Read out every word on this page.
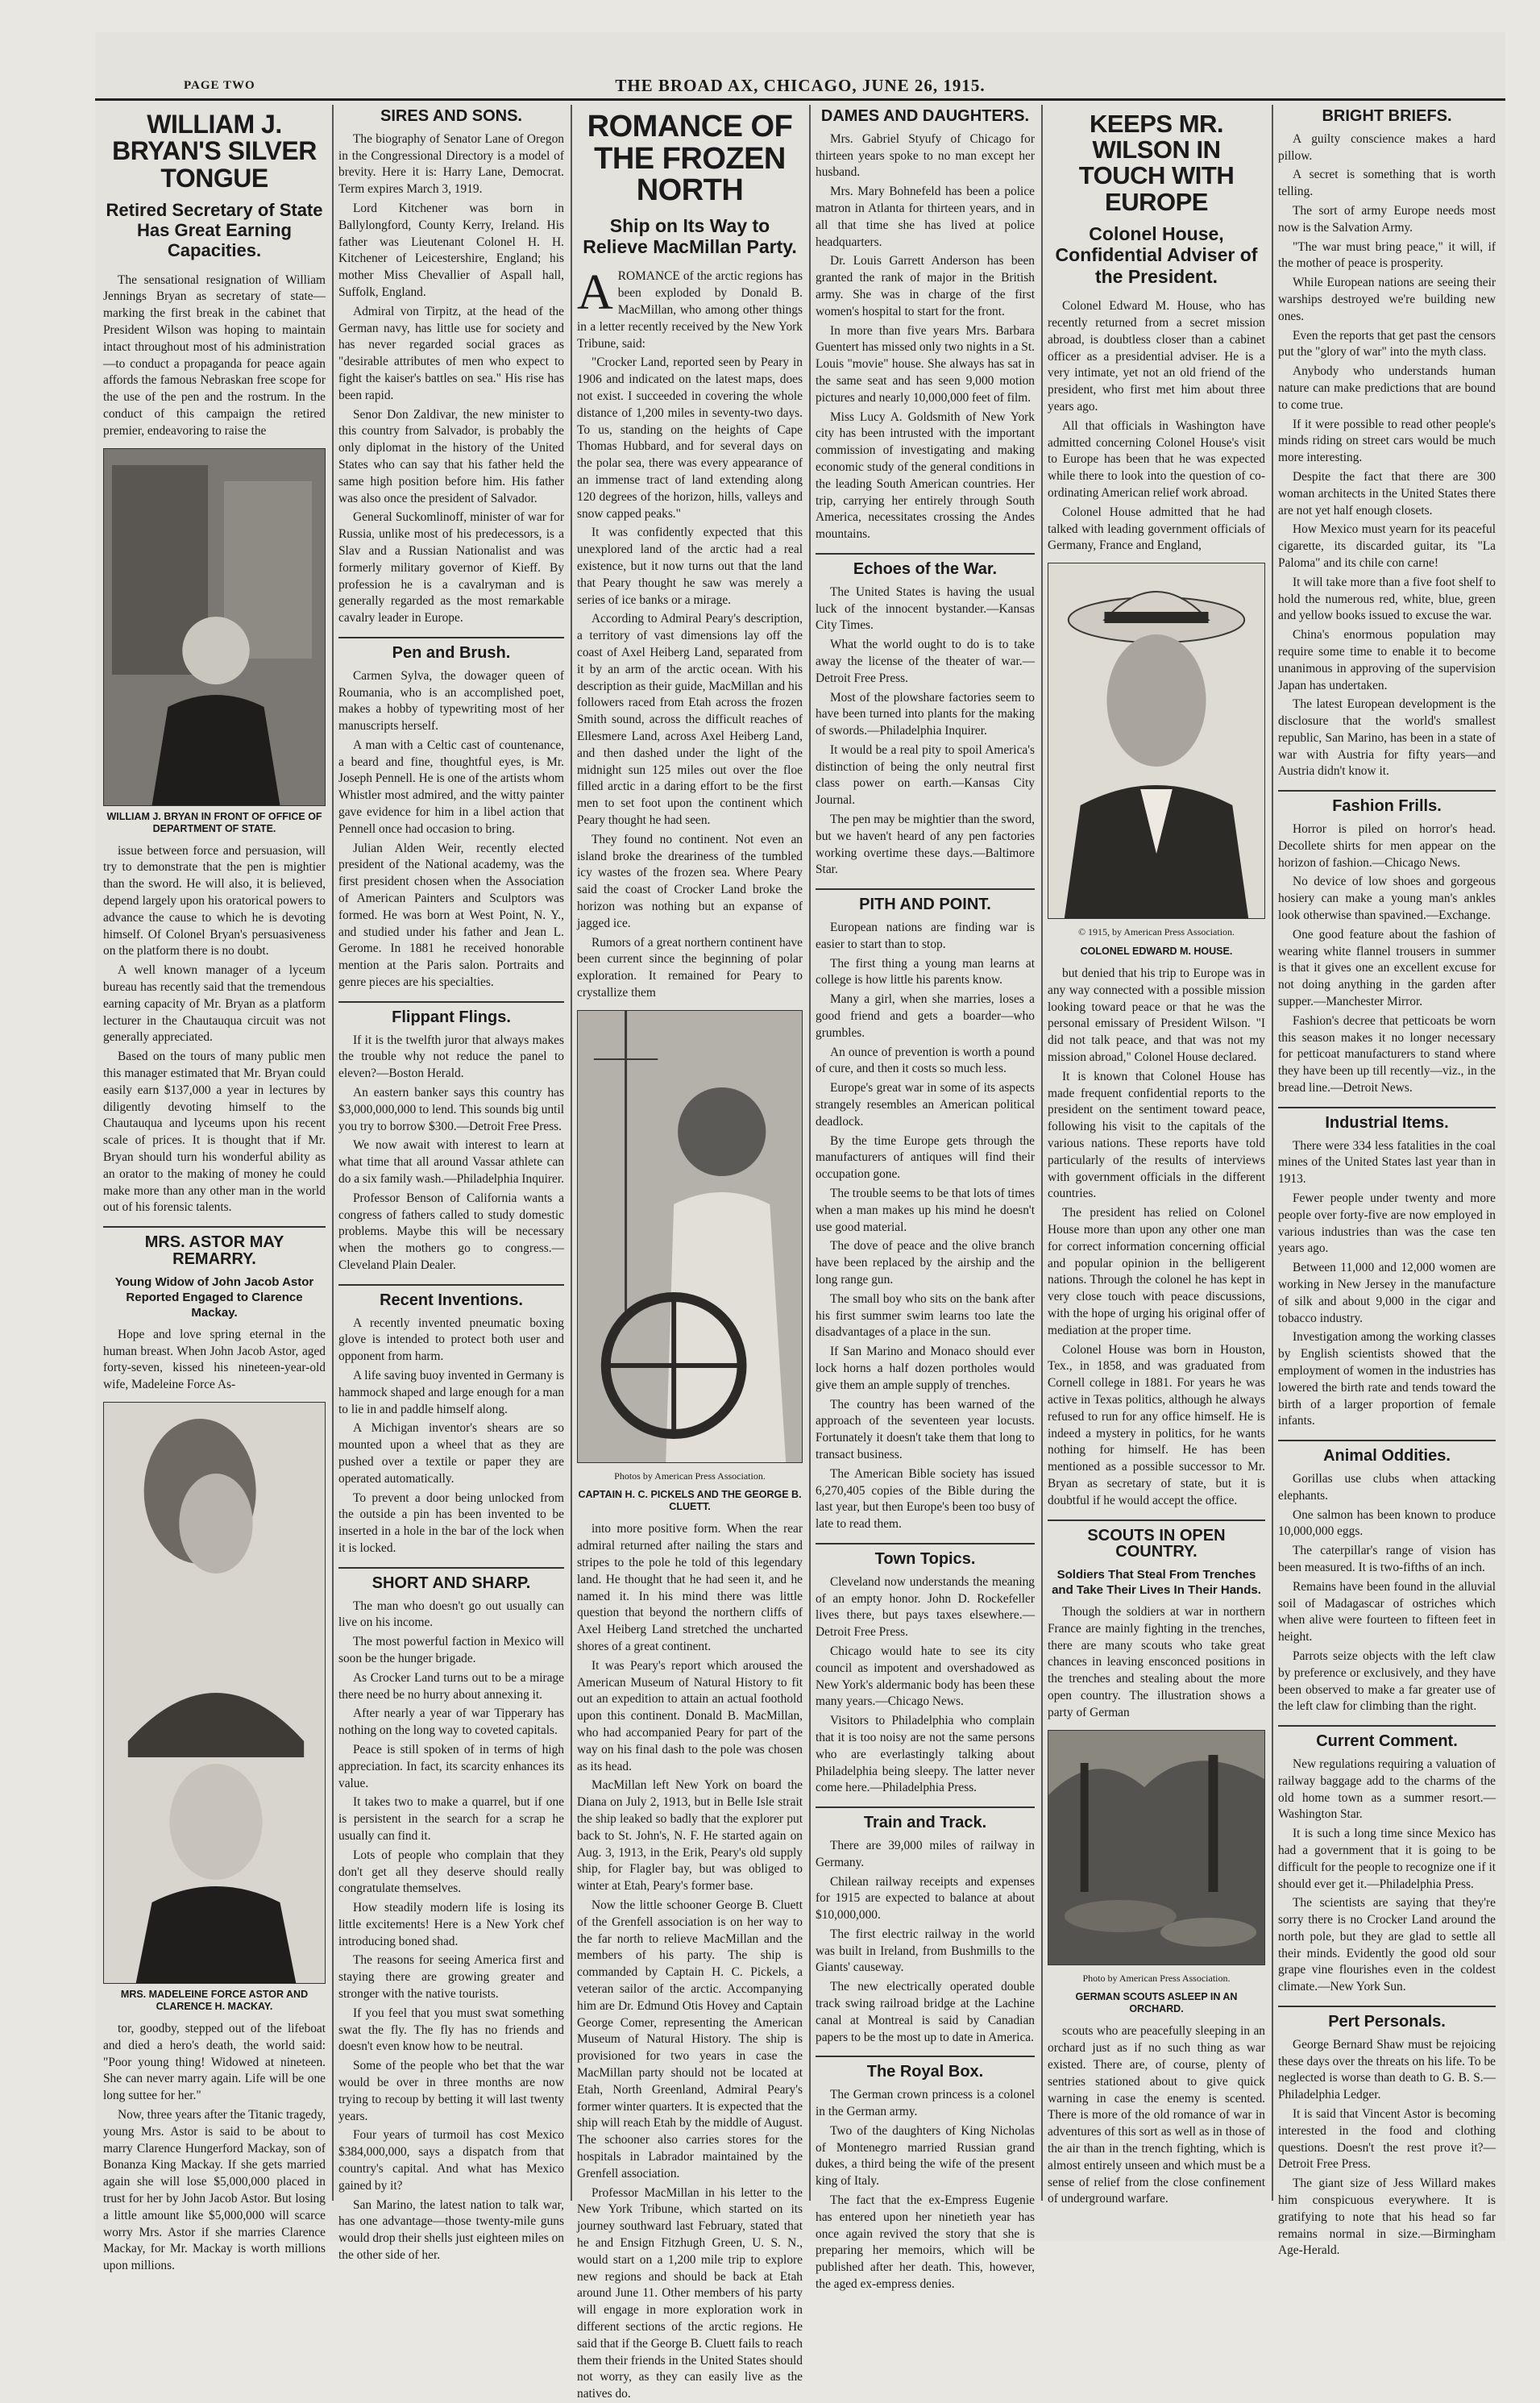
PAGE TWO	THE BROAD AX, CHICAGO, JUNE 26, 1915.
WILLIAM J. BRYAN'S SILVER TONGUE
Retired Secretary of State Has Great Earning Capacities.

The sensational resignation of William Jennings Bryan as secretary of state—marking the first break in the cabinet that President Wilson was hoping to maintain intact throughout most of his administration—to conduct a propaganda for peace again affords the famous Nebraskan free scope for the use of the pen and the rostrum. In the conduct of this campaign the retired premier, endeavoring to raise the

WILLIAM J. BRYAN IN FRONT OF OFFICE OF DEPARTMENT OF STATE.

issue between force and persuasion, will try to demonstrate that the pen is mightier than the sword. He will also, it is believed, depend largely upon his oratorical powers to advance the cause to which he is devoting himself. Of Colonel Bryan's persuasiveness on the platform there is no doubt.

A well known manager of a lyceum bureau has recently said that the tremendous earning capacity of Mr. Bryan as a platform lecturer in the Chautauqua circuit was not generally appreciated.

Based on the tours of many public men this manager estimated that Mr. Bryan could easily earn $137,000 a year in lectures by diligently devoting himself to the Chautauqua and lyceums upon his recent scale of prices. It is thought that if Mr. Bryan should turn his wonderful ability as an orator to the making of money he could make more than any other man in the world out of his forensic talents.

MRS. ASTOR MAY REMARRY.
Young Widow of John Jacob Astor Reported Engaged to Clarence Mackay.

Hope and love spring eternal in the human breast. When John Jacob Astor, aged forty-seven, kissed his nineteen-year-old wife, Madeleine Force As-

MRS. MADELEINE FORCE ASTOR AND CLARENCE H. MACKAY.

tor, goodby, stepped out of the lifeboat and died a hero's death, the world said: "Poor young thing! Widowed at nineteen. She can never marry again. Life will be one long suttee for her."

Now, three years after the Titanic tragedy, young Mrs. Astor is said to be about to marry Clarence Hungerford Mackay, son of Bonanza King Mackay. If she gets married again she will lose $5,000,000 placed in trust for her by John Jacob Astor. But losing a little amount like $5,000,000 will scarce worry Mrs. Astor if she marries Clarence Mackay, for Mr. Mackay is worth millions upon millions.

SIRES AND SONS.

The biography of Senator Lane of Oregon in the Congressional Directory is a model of brevity. Here it is: Harry Lane, Democrat. Term expires March 3, 1919.

Lord Kitchener was born in Ballylongford, County Kerry, Ireland. His father was Lieutenant Colonel H. H. Kitchener of Leicestershire, England; his mother Miss Chevallier of Aspall hall, Suffolk, England.

Admiral von Tirpitz, at the head of the German navy, has little use for society and has never regarded social graces as "desirable attributes of men who expect to fight the kaiser's battles on sea." His rise has been rapid.

Senor Don Zaldivar, the new minister to this country from Salvador, is probably the only diplomat in the history of the United States who can say that his father held the same high position before him. His father was also once the president of Salvador.

General Suckomlinoff, minister of war for Russia, unlike most of his predecessors, is a Slav and a Russian Nationalist and was formerly military governor of Kieff. By profession he is a cavalryman and is generally regarded as the most remarkable cavalry leader in Europe.

Pen and Brush.

Carmen Sylva, the dowager queen of Roumania, who is an accomplished poet, makes a hobby of typewriting most of her manuscripts herself.

A man with a Celtic cast of countenance, a beard and fine, thoughtful eyes, is Mr. Joseph Pennell. He is one of the artists whom Whistler most admired, and the witty painter gave evidence for him in a libel action that Pennell once had occasion to bring.

Julian Alden Weir, recently elected president of the National academy, was the first president chosen when the Association of American Painters and Sculptors was formed. He was born at West Point, N. Y., and studied under his father and Jean L. Gerome. In 1881 he received honorable mention at the Paris salon. Portraits and genre pieces are his specialties.

Flippant Flings.

If it is the twelfth juror that always makes the trouble why not reduce the panel to eleven?—Boston Herald.

An eastern banker says this country has $3,000,000,000 to lend. This sounds big until you try to borrow $300.—Detroit Free Press.

We now await with interest to learn at what time that all around Vassar athlete can do a six family wash.—Philadelphia Inquirer.

Professor Benson of California wants a congress of fathers called to study domestic problems. Maybe this will be necessary when the mothers go to congress.—Cleveland Plain Dealer.

Recent Inventions.

A recently invented pneumatic boxing glove is intended to protect both user and opponent from harm.

A life saving buoy invented in Germany is hammock shaped and large enough for a man to lie in and paddle himself along.

A Michigan inventor's shears are so mounted upon a wheel that as they are pushed over a textile or paper they are operated automatically.

To prevent a door being unlocked from the outside a pin has been invented to be inserted in a hole in the bar of the lock when it is locked.

SHORT AND SHARP.

The man who doesn't go out usually can live on his income.

The most powerful faction in Mexico will soon be the hunger brigade.

As Crocker Land turns out to be a mirage there need be no hurry about annexing it.

After nearly a year of war Tipperary has nothing on the long way to coveted capitals.

Peace is still spoken of in terms of high appreciation. In fact, its scarcity enhances its value.

It takes two to make a quarrel, but if one is persistent in the search for a scrap he usually can find it.

Lots of people who complain that they don't get all they deserve should really congratulate themselves.

How steadily modern life is losing its little excitements! Here is a New York chef introducing boned shad.

The reasons for seeing America first and staying there are growing greater and stronger with the native tourists.

If you feel that you must swat something swat the fly. The fly has no friends and doesn't even know how to be neutral.

Some of the people who bet that the war would be over in three months are now trying to recoup by betting it will last twenty years.

Four years of turmoil has cost Mexico $384,000,000, says a dispatch from that country's capital. And what has Mexico gained by it?

San Marino, the latest nation to talk war, has one advantage—those twenty-mile guns would drop their shells just eighteen miles on the other side of her.

ROMANCE OF THE FROZEN NORTH
Ship on Its Way to Relieve MacMillan Party.

AROMANCE of the arctic regions has been exploded by Donald B. MacMillan, who among other things in a letter recently received by the New York Tribune, said:

"Crocker Land, reported seen by Peary in 1906 and indicated on the latest maps, does not exist. I succeeded in covering the whole distance of 1,200 miles in seventy-two days. To us, standing on the heights of Cape Thomas Hubbard, and for several days on the polar sea, there was every appearance of an immense tract of land extending along 120 degrees of the horizon, hills, valleys and snow capped peaks."

It was confidently expected that this unexplored land of the arctic had a real existence, but it now turns out that the land that Peary thought he saw was merely a series of ice banks or a mirage.

According to Admiral Peary's description, a territory of vast dimensions lay off the coast of Axel Heiberg Land, separated from it by an arm of the arctic ocean. With his description as their guide, MacMillan and his followers raced from Etah across the frozen Smith sound, across the difficult reaches of Ellesmere Land, across Axel Heiberg Land, and then dashed under the light of the midnight sun 125 miles out over the floe filled arctic in a daring effort to be the first men to set foot upon the continent which Peary thought he had seen.

They found no continent. Not even an island broke the dreariness of the tumbled icy wastes of the frozen sea. Where Peary said the coast of Crocker Land broke the horizon was nothing but an expanse of jagged ice.

Rumors of a great northern continent have been current since the beginning of polar exploration. It remained for Peary to crystallize them

Photos by American Press Association.
CAPTAIN H. C. PICKELS AND THE GEORGE B. CLUETT.

into more positive form. When the rear admiral returned after nailing the stars and stripes to the pole he told of this legendary land. He thought that he had seen it, and he named it. In his mind there was little question that beyond the northern cliffs of Axel Heiberg Land stretched the uncharted shores of a great continent.

It was Peary's report which aroused the American Museum of Natural History to fit out an expedition to attain an actual foothold upon this continent. Donald B. MacMillan, who had accompanied Peary for part of the way on his final dash to the pole was chosen as its head.

MacMillan left New York on board the Diana on July 2, 1913, but in Belle Isle strait the ship leaked so badly that the explorer put back to St. John's, N. F. He started again on Aug. 3, 1913, in the Erik, Peary's old supply ship, for Flagler bay, but was obliged to winter at Etah, Peary's former base.

Now the little schooner George B. Cluett of the Grenfell association is on her way to the far north to relieve MacMillan and the members of his party. The ship is commanded by Captain H. C. Pickels, a veteran sailor of the arctic. Accompanying him are Dr. Edmund Otis Hovey and Captain George Comer, representing the American Museum of Natural History. The ship is provisioned for two years in case the MacMillan party should not be located at Etah, North Greenland, Admiral Peary's former winter quarters. It is expected that the ship will reach Etah by the middle of August. The schooner also carries stores for the hospitals in Labrador maintained by the Grenfell association.

Professor MacMillan in his letter to the New York Tribune, which started on its journey southward last February, stated that he and Ensign Fitzhugh Green, U. S. N., would start on a 1,200 mile trip to explore new regions and should be back at Etah around June 11. Other members of his party will engage in more exploration work in different sections of the arctic regions. He said that if the George B. Cluett fails to reach them their friends in the United States should not worry, as they can easily live as the natives do.

DAMES AND DAUGHTERS.

Mrs. Gabriel Styufy of Chicago for thirteen years spoke to no man except her husband.

Mrs. Mary Bohnefeld has been a police matron in Atlanta for thirteen years, and in all that time she has lived at police headquarters.

Dr. Louis Garrett Anderson has been granted the rank of major in the British army. She was in charge of the first women's hospital to start for the front.

In more than five years Mrs. Barbara Guentert has missed only two nights in a St. Louis "movie" house. She always has sat in the same seat and has seen 9,000 motion pictures and nearly 10,000,000 feet of film.

Miss Lucy A. Goldsmith of New York city has been intrusted with the important commission of investigating and making economic study of the general conditions in the leading South American countries. Her trip, carrying her entirely through South America, necessitates crossing the Andes mountains.

Echoes of the War.

The United States is having the usual luck of the innocent bystander.—Kansas City Times.

What the world ought to do is to take away the license of the theater of war.—Detroit Free Press.

Most of the plowshare factories seem to have been turned into plants for the making of swords.—Philadelphia Inquirer.

It would be a real pity to spoil America's distinction of being the only neutral first class power on earth.—Kansas City Journal.

The pen may be mightier than the sword, but we haven't heard of any pen factories working overtime these days.—Baltimore Star.

PITH AND POINT.

European nations are finding war is easier to start than to stop.

The first thing a young man learns at college is how little his parents know.

Many a girl, when she marries, loses a good friend and gets a boarder—who grumbles.

An ounce of prevention is worth a pound of cure, and then it costs so much less.

Europe's great war in some of its aspects strangely resembles an American political deadlock.

By the time Europe gets through the manufacturers of antiques will find their occupation gone.

The trouble seems to be that lots of times when a man makes up his mind he doesn't use good material.

The dove of peace and the olive branch have been replaced by the airship and the long range gun.

The small boy who sits on the bank after his first summer swim learns too late the disadvantages of a place in the sun.

If San Marino and Monaco should ever lock horns a half dozen portholes would give them an ample supply of trenches.

The country has been warned of the approach of the seventeen year locusts. Fortunately it doesn't take them that long to transact business.

The American Bible society has issued 6,270,405 copies of the Bible during the last year, but then Europe's been too busy of late to read them.

Town Topics.

Cleveland now understands the meaning of an empty honor. John D. Rockefeller lives there, but pays taxes elsewhere.—Detroit Free Press.

Chicago would hate to see its city council as impotent and overshadowed as New York's aldermanic body has been these many years.—Chicago News.

Visitors to Philadelphia who complain that it is too noisy are not the same persons who are everlastingly talking about Philadelphia being sleepy. The latter never come here.—Philadelphia Press.

Train and Track.

There are 39,000 miles of railway in Germany.

Chilean railway receipts and expenses for 1915 are expected to balance at about $10,000,000.

The first electric railway in the world was built in Ireland, from Bushmills to the Giants' causeway.

The new electrically operated double track swing railroad bridge at the Lachine canal at Montreal is said by Canadian papers to be the most up to date in America.

The Royal Box.

The German crown princess is a colonel in the German army.

Two of the daughters of King Nicholas of Montenegro married Russian grand dukes, a third being the wife of the present king of Italy.

The fact that the ex-Empress Eugenie has entered upon her ninetieth year has once again revived the story that she is preparing her memoirs, which will be published after her death. This, however, the aged ex-empress denies.

KEEPS MR. WILSON IN TOUCH WITH EUROPE
Colonel House, Confidential Adviser of the President.

Colonel Edward M. House, who has recently returned from a secret mission abroad, is doubtless closer than a cabinet officer as a presidential adviser. He is a very intimate, yet not an old friend of the president, who first met him about three years ago.

All that officials in Washington have admitted concerning Colonel House's visit to Europe has been that he was expected while there to look into the question of co-ordinating American relief work abroad.

Colonel House admitted that he had talked with leading government officials of Germany, France and England,

© 1915, by American Press Association.
COLONEL EDWARD M. HOUSE.

but denied that his trip to Europe was in any way connected with a possible mission looking toward peace or that he was the personal emissary of President Wilson. "I did not talk peace, and that was not my mission abroad," Colonel House declared.

It is known that Colonel House has made frequent confidential reports to the president on the sentiment toward peace, following his visit to the capitals of the various nations. These reports have told particularly of the results of interviews with government officials in the different countries.

The president has relied on Colonel House more than upon any other one man for correct information concerning official and popular opinion in the belligerent nations. Through the colonel he has kept in very close touch with peace discussions, with the hope of urging his original offer of mediation at the proper time.

Colonel House was born in Houston, Tex., in 1858, and was graduated from Cornell college in 1881. For years he was active in Texas politics, although he always refused to run for any office himself. He is indeed a mystery in politics, for he wants nothing for himself. He has been mentioned as a possible successor to Mr. Bryan as secretary of state, but it is doubtful if he would accept the office.

SCOUTS IN OPEN COUNTRY.
Soldiers That Steal From Trenches and Take Their Lives In Their Hands.

Though the soldiers at war in northern France are mainly fighting in the trenches, there are many scouts who take great chances in leaving ensconced positions in the trenches and stealing about the more open country. The illustration shows a party of German

Photo by American Press Association.
GERMAN SCOUTS ASLEEP IN AN ORCHARD.

scouts who are peacefully sleeping in an orchard just as if no such thing as war existed. There are, of course, plenty of sentries stationed about to give quick warning in case the enemy is scented. There is more of the old romance of war in adventures of this sort as well as in those of the air than in the trench fighting, which is almost entirely unseen and which must be a sense of relief from the close confinement of underground warfare.

BRIGHT BRIEFS.

A guilty conscience makes a hard pillow.

A secret is something that is worth telling.

The sort of army Europe needs most now is the Salvation Army.

"The war must bring peace," it will, if the mother of peace is prosperity.

While European nations are seeing their warships destroyed we're building new ones.

Even the reports that get past the censors put the "glory of war" into the myth class.

Anybody who understands human nature can make predictions that are bound to come true.

If it were possible to read other people's minds riding on street cars would be much more interesting.

Despite the fact that there are 300 woman architects in the United States there are not yet half enough closets.

How Mexico must yearn for its peaceful cigarette, its discarded guitar, its "La Paloma" and its chile con carne!

It will take more than a five foot shelf to hold the numerous red, white, blue, green and yellow books issued to excuse the war.

China's enormous population may require some time to enable it to become unanimous in approving of the supervision Japan has undertaken.

The latest European development is the disclosure that the world's smallest republic, San Marino, has been in a state of war with Austria for fifty years—and Austria didn't know it.

Fashion Frills.

Horror is piled on horror's head. Decollete shirts for men appear on the horizon of fashion.—Chicago News.

No device of low shoes and gorgeous hosiery can make a young man's ankles look otherwise than spavined.—Exchange.

One good feature about the fashion of wearing white flannel trousers in summer is that it gives one an excellent excuse for not doing anything in the garden after supper.—Manchester Mirror.

Fashion's decree that petticoats be worn this season makes it no longer necessary for petticoat manufacturers to stand where they have been up till recently—viz., in the bread line.—Detroit News.

Industrial Items.

There were 334 less fatalities in the coal mines of the United States last year than in 1913.

Fewer people under twenty and more people over forty-five are now employed in various industries than was the case ten years ago.

Between 11,000 and 12,000 women are working in New Jersey in the manufacture of silk and about 9,000 in the cigar and tobacco industry.

Investigation among the working classes by English scientists showed that the employment of women in the industries has lowered the birth rate and tends toward the birth of a larger proportion of female infants.

Animal Oddities.

Gorillas use clubs when attacking elephants.

One salmon has been known to produce 10,000,000 eggs.

The caterpillar's range of vision has been measured. It is two-fifths of an inch.

Remains have been found in the alluvial soil of Madagascar of ostriches which when alive were fourteen to fifteen feet in height.

Parrots seize objects with the left claw by preference or exclusively, and they have been observed to make a far greater use of the left claw for climbing than the right.

Current Comment.

New regulations requiring a valuation of railway baggage add to the charms of the old home town as a summer resort.—Washington Star.

It is such a long time since Mexico has had a government that it is going to be difficult for the people to recognize one if it should ever get it.—Philadelphia Press.

The scientists are saying that they're sorry there is no Crocker Land around the north pole, but they are glad to settle all their minds. Evidently the good old sour grape vine flourishes even in the coldest climate.—New York Sun.

Pert Personals.

George Bernard Shaw must be rejoicing these days over the threats on his life. To be neglected is worse than death to G. B. S.—Philadelphia Ledger.

It is said that Vincent Astor is becoming interested in the food and clothing questions. Doesn't the rest prove it?—Detroit Free Press.

The giant size of Jess Willard makes him conspicuous everywhere. It is gratifying to note that his head so far remains normal in size.—Birmingham Age-Herald.
